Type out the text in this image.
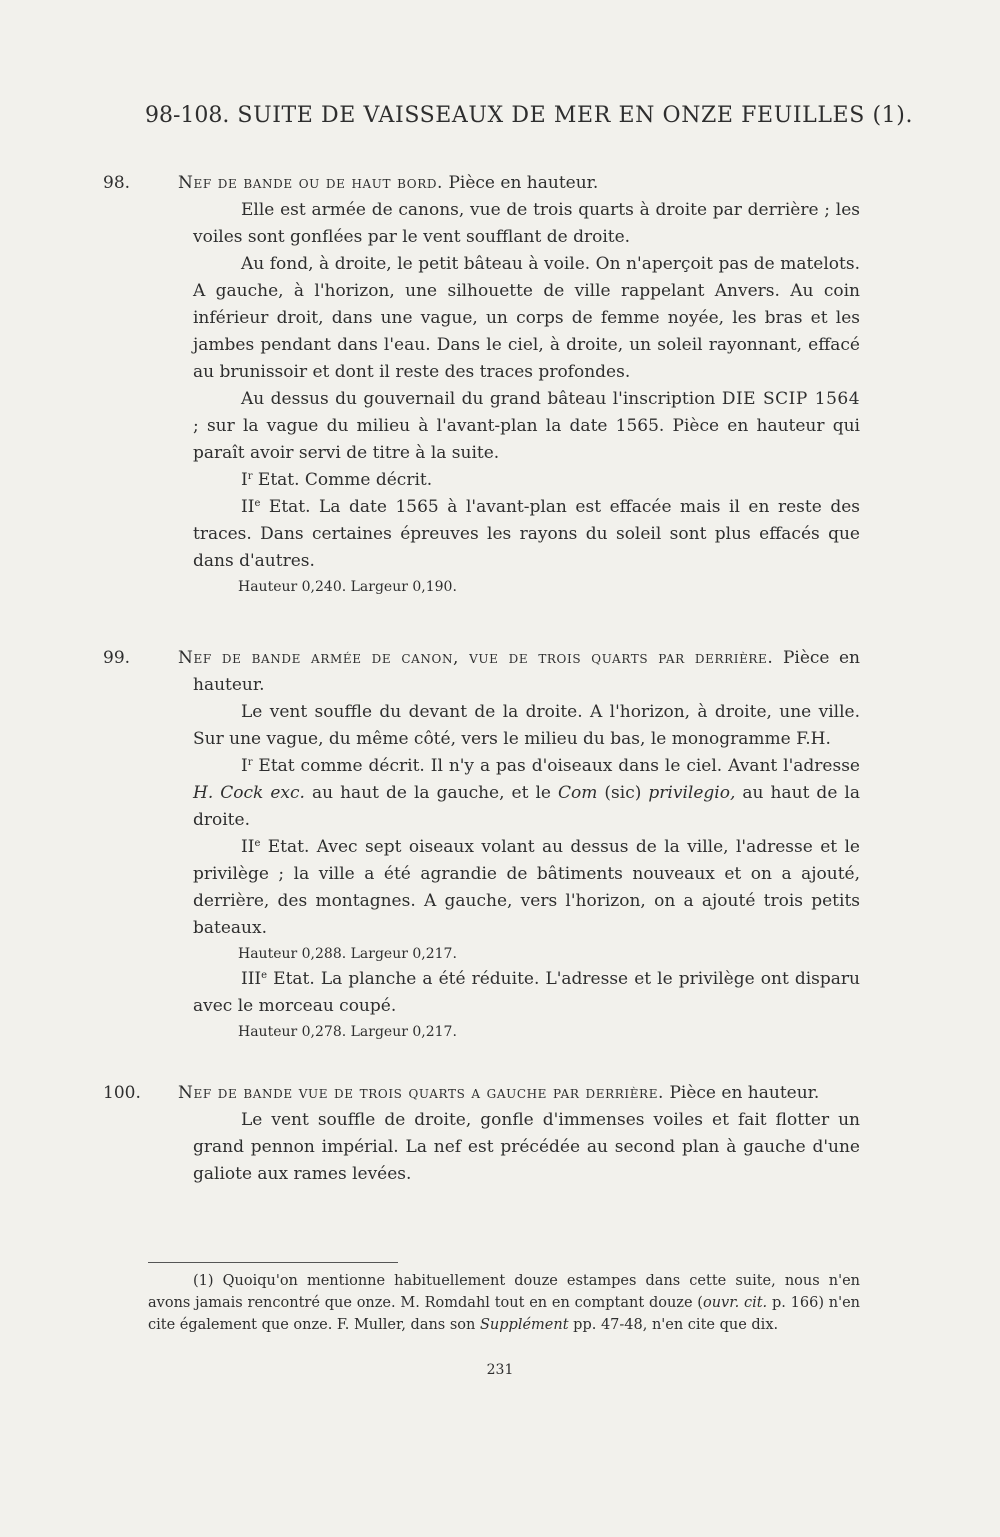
98-108. SUITE DE VAISSEAUX DE MER EN ONZE FEUILLES (1).

98.	Nef de bande ou de haut bord. Pièce en hauteur.

Elle est armée de canons, vue de trois quarts à droite par derrière ; les voiles sont gonflées par le vent soufflant de droite.

Au fond, à droite, le petit bâteau à voile. On n'aperçoit pas de matelots. A gauche, à l'horizon, une silhouette de ville rappelant Anvers. Au coin inférieur droit, dans une vague, un corps de femme noyée, les bras et les jambes pendant dans l'eau. Dans le ciel, à droite, un soleil rayonnant, effacé au brunissoir et dont il reste des traces profondes.

Au dessus du gouvernail du grand bâteau l'inscription DIE SCIP 1564 ; sur la vague du milieu à l'avant-plan la date 1565. Pièce en hauteur qui paraît avoir servi de titre à la suite.

$I^r$ Etat. Comme décrit.

IIe Etat. La date 1565 à l'avant-plan est effacée mais il en reste des traces. Dans certaines épreuves les rayons du soleil sont plus effacés que dans d'autres.

Hauteur 0,240. Largeur 0,190.

99.	Nef de bande armée de canon, vue de trois quarts par derrière. Pièce en hauteur.

Le vent souffle du devant de la droite. A l'horizon, à droite, une ville. Sur une vague, du même côté, vers le milieu du bas, le monogramme F.H.

$I^r$ Etat comme décrit. Il n'y a pas d'oiseaux dans le ciel. Avant l'adresse H. Cock exc. au haut de la gauche, et le Com (sic) privilegio, au haut de la droite.

IIe Etat. Avec sept oiseaux volant au dessus de la ville, l'adresse et le privilège ; la ville a été agrandie de bâtiments nouveaux et on a ajouté, derrière, des montagnes. A gauche, vers l'horizon, on a ajouté trois petits bateaux.

Hauteur 0,288. Largeur 0,217.

IIIe Etat. La planche a été réduite. L'adresse et le privilège ont disparu avec le morceau coupé.

Hauteur 0,278. Largeur 0,217.

100. Nef de bande vue de trois quarts a gauche par derrière. Pièce en hauteur.

Le vent souffle de droite, gonfle d'immenses voiles et fait flotter un grand pennon impérial. La nef est précédée au second plan à gauche d'une galiote aux rames levées.

(1) Quoiqu'on mentionne habituellement douze estampes dans cette suite, nous n'en avons jamais rencontré que onze. M. Romdahl tout en en comptant douze (ouvr. cit. p. 166) n'en cite également que onze. F. Muller, dans son Supplément pp. 47-48, n'en cite que dix.

231
